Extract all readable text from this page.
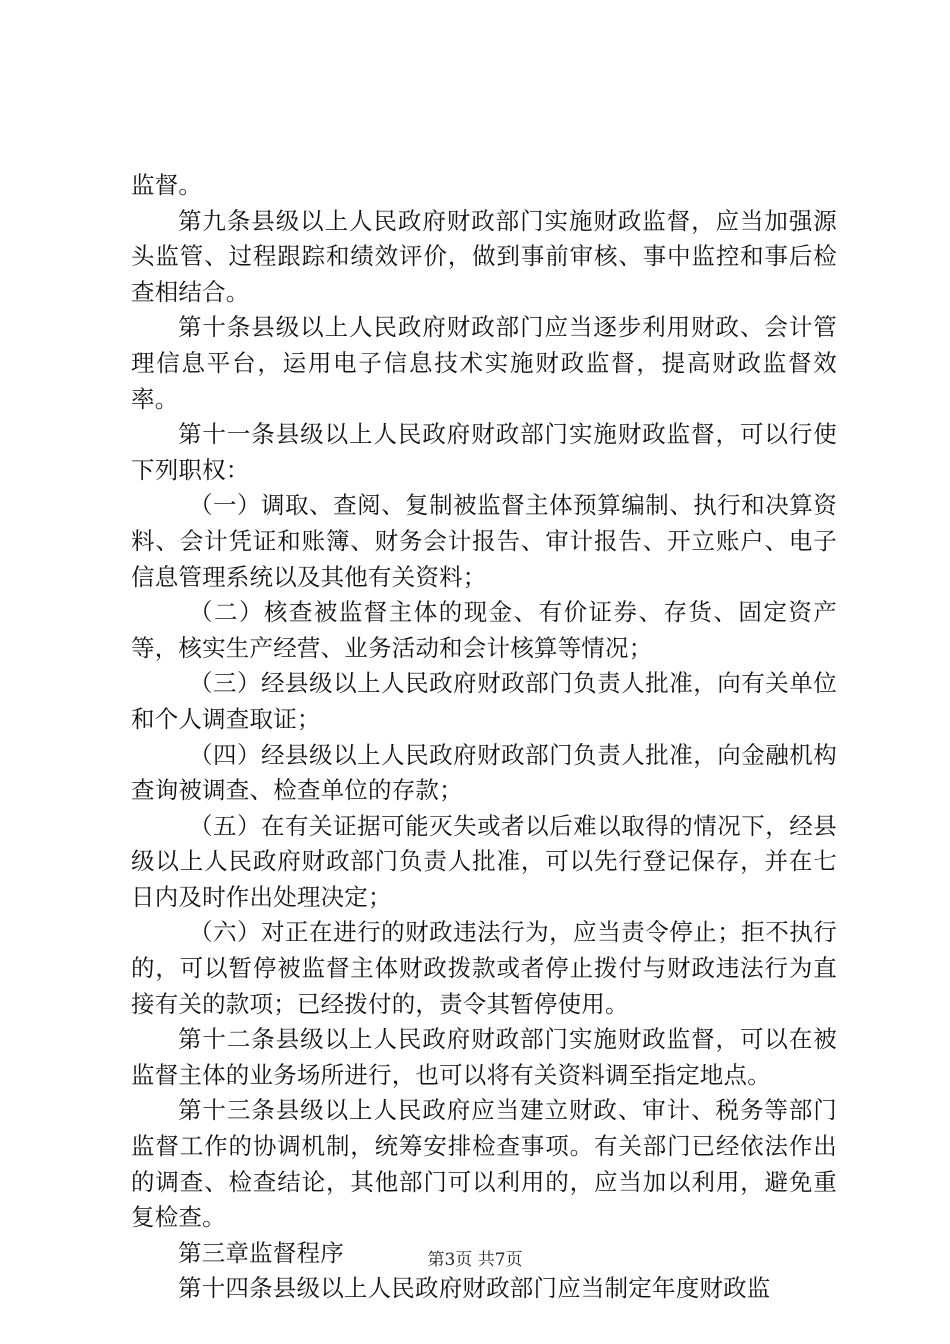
监督。

第九条县级以上人民政府财政部门实施财政监督，应当加强源头监管、过程跟踪和绩效评价，做到事前审核、事中监控和事后检查相结合。

第十条县级以上人民政府财政部门应当逐步利用财政、会计管理信息平台，运用电子信息技术实施财政监督，提高财政监督效率。

第十一条县级以上人民政府财政部门实施财政监督，可以行使下列职权：

（一）调取、查阅、复制被监督主体预算编制、执行和决算资料、会计凭证和账簿、财务会计报告、审计报告、开立账户、电子信息管理系统以及其他有关资料；

（二）核查被监督主体的现金、有价证券、存货、固定资产等，核实生产经营、业务活动和会计核算等情况；

（三）经县级以上人民政府财政部门负责人批准，向有关单位和个人调查取证；

（四）经县级以上人民政府财政部门负责人批准，向金融机构查询被调查、检查单位的存款；

（五）在有关证据可能灭失或者以后难以取得的情况下，经县级以上人民政府财政部门负责人批准，可以先行登记保存，并在七日内及时作出处理决定；

（六）对正在进行的财政违法行为，应当责令停止；拒不执行的，可以暂停被监督主体财政拨款或者停止拨付与财政违法行为直接有关的款项；已经拨付的，责令其暂停使用。

第十二条县级以上人民政府财政部门实施财政监督，可以在被监督主体的业务场所进行，也可以将有关资料调至指定地点。

第十三条县级以上人民政府应当建立财政、审计、税务等部门监督工作的协调机制，统筹安排检查事项。有关部门已经依法作出的调查、检查结论，其他部门可以利用的，应当加以利用，避免重复检查。

第三章监督程序

第十四条县级以上人民政府财政部门应当制定年度财政监

第3页 共7页
